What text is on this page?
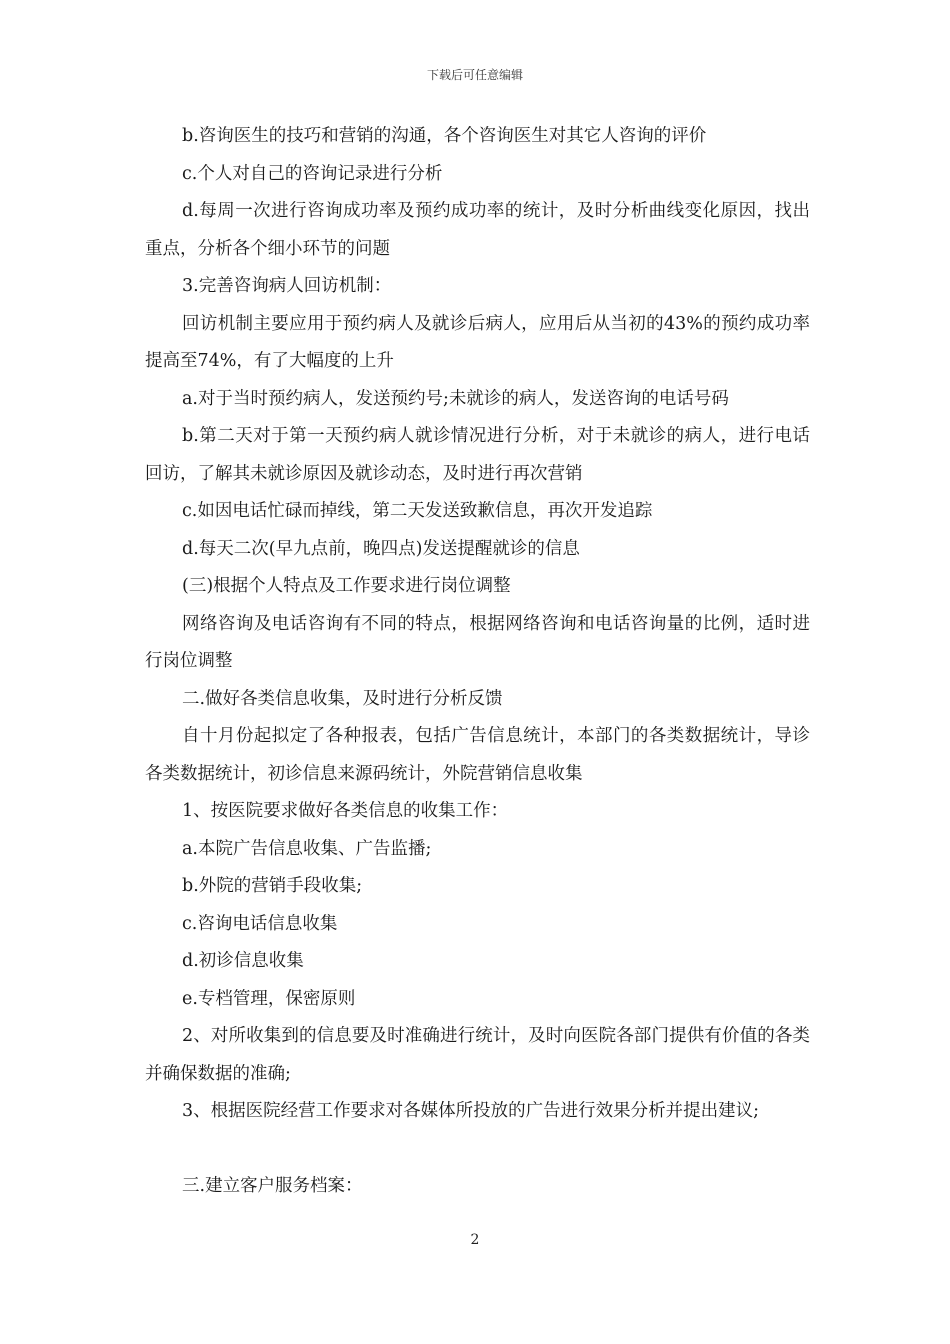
下载后可任意编辑

b.咨询医生的技巧和营销的沟通，各个咨询医生对其它人咨询的评价

c.个人对自己的咨询记录进行分析

d.每周一次进行咨询成功率及预约成功率的统计，及时分析曲线变化原因，找出重点，分析各个细小环节的问题

3.完善咨询病人回访机制：

回访机制主要应用于预约病人及就诊后病人，应用后从当初的43%的预约成功率提高至74%，有了大幅度的上升

a.对于当时预约病人，发送预约号;未就诊的病人，发送咨询的电话号码

b.第二天对于第一天预约病人就诊情况进行分析，对于未就诊的病人，进行电话回访，了解其未就诊原因及就诊动态，及时进行再次营销

c.如因电话忙碌而掉线，第二天发送致歉信息，再次开发追踪

d.每天二次(早九点前，晚四点)发送提醒就诊的信息

(三)根据个人特点及工作要求进行岗位调整

网络咨询及电话咨询有不同的特点，根据网络咨询和电话咨询量的比例，适时进行岗位调整

二.做好各类信息收集，及时进行分析反馈

自十月份起拟定了各种报表，包括广告信息统计，本部门的各类数据统计，导诊各类数据统计，初诊信息来源码统计，外院营销信息收集

1、按医院要求做好各类信息的收集工作：

a.本院广告信息收集、广告监播;

b.外院的营销手段收集;

c.咨询电话信息收集

d.初诊信息收集

e.专档管理，保密原则

2、对所收集到的信息要及时准确进行统计，及时向医院各部门提供有价值的各类并确保数据的准确;

3、根据医院经营工作要求对各媒体所投放的广告进行效果分析并提出建议;

三.建立客户服务档案：

2
